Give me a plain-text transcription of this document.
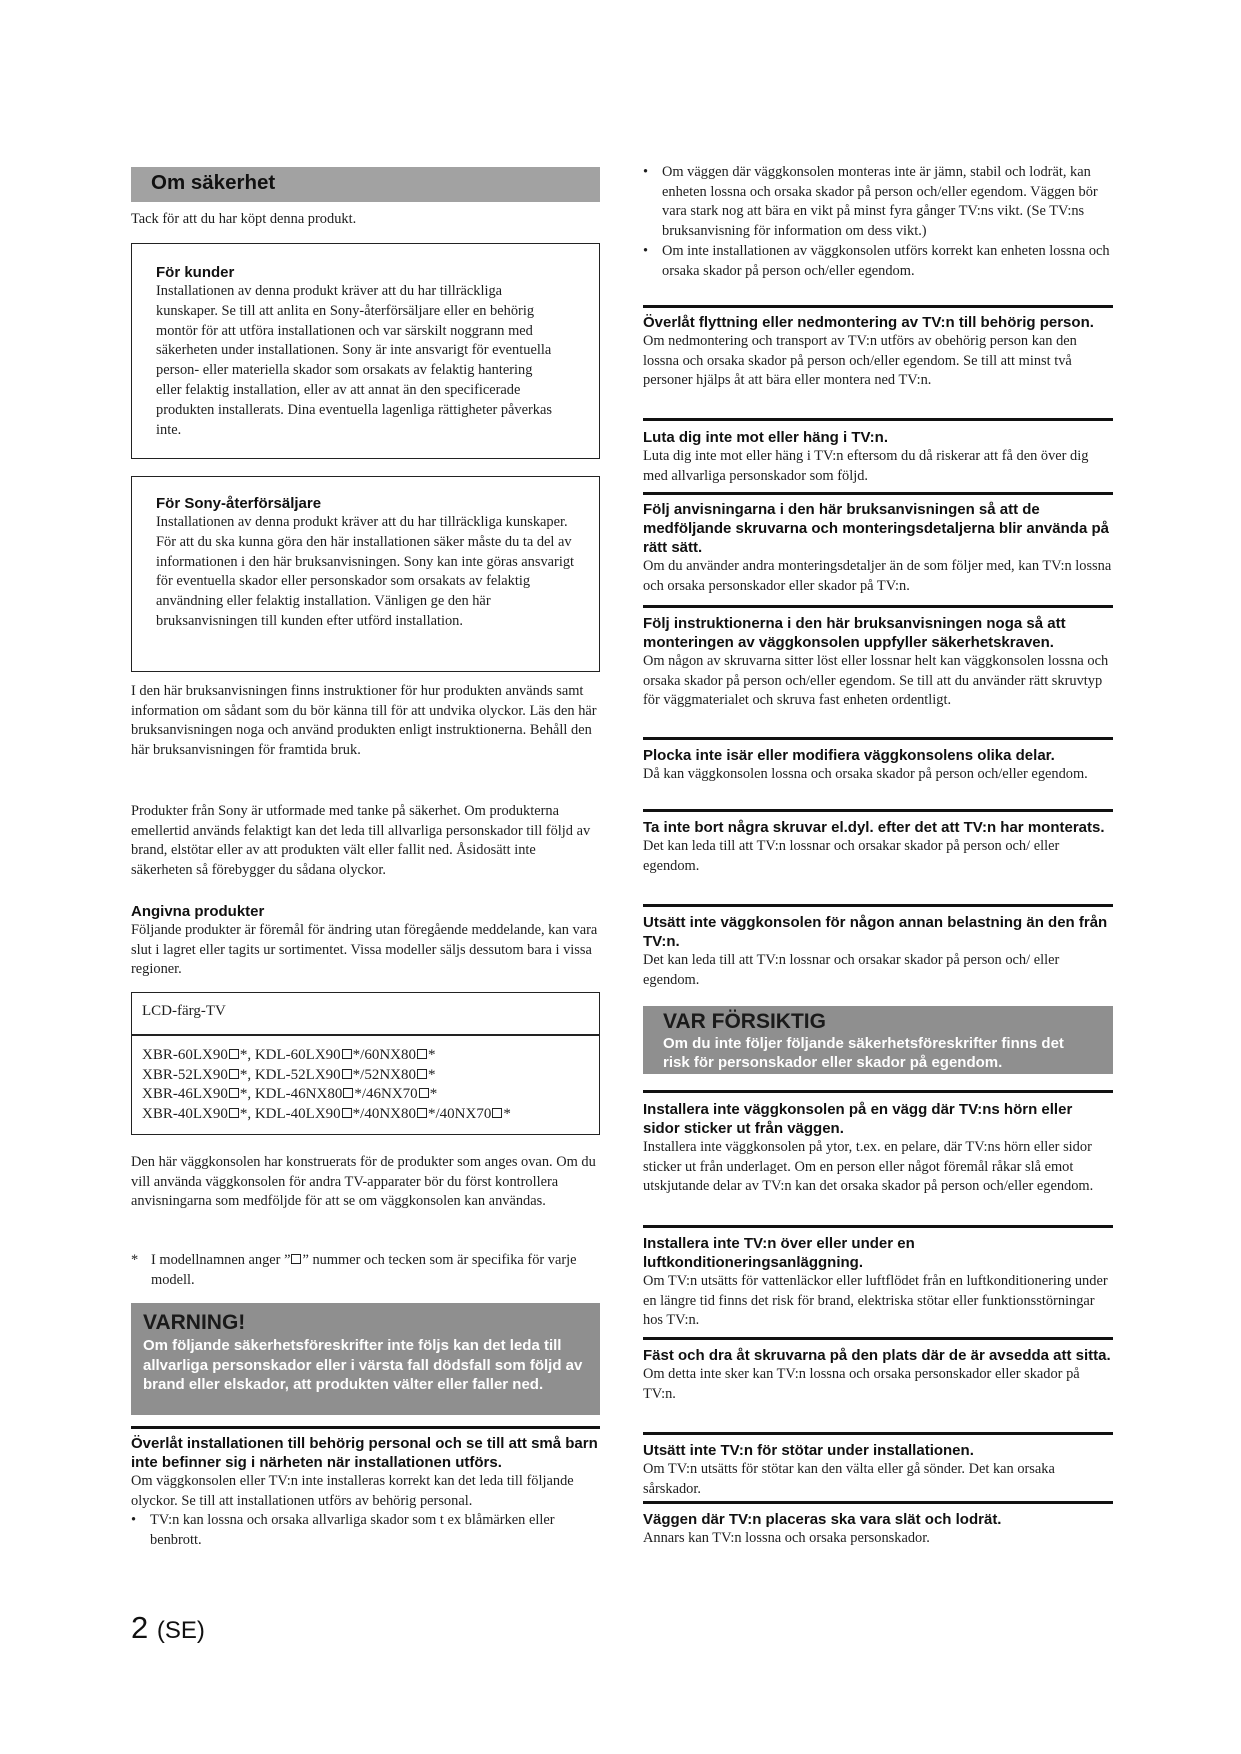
Om säkerhet

Tack för att du har köpt denna produkt.

För kunder

Installationen av denna produkt kräver att du har tillräckliga kunskaper. Se till att anlita en Sony-återförsäljare eller en behörig montör för att utföra installationen och var särskilt noggrann med säkerheten under installationen. Sony är inte ansvarigt för eventuella person- eller materiella skador som orsakats av felaktig hantering eller felaktig installation, eller av att annat än den specificerade produkten installerats. Dina eventuella lagenliga rättigheter påverkas inte.

För Sony-återförsäljare

Installationen av denna produkt kräver att du har tillräckliga kunskaper. För att du ska kunna göra den här installationen säker måste du ta del av informationen i den här bruksanvisningen. Sony kan inte göras ansvarigt för eventuella skador eller personskador som orsakats av felaktig användning eller felaktig installation. Vänligen ge den här bruksanvisningen till kunden efter utförd installation.

I den här bruksanvisningen finns instruktioner för hur produkten används samt information om sådant som du bör känna till för att undvika olyckor. Läs den här bruksanvisningen noga och använd produkten enligt instruktionerna. Behåll den här bruksanvisningen för framtida bruk.

Produkter från Sony är utformade med tanke på säkerhet. Om produkterna emellertid används felaktigt kan det leda till allvarliga personskador till följd av brand, elstötar eller av att produkten vält eller fallit ned. Åsidosätt inte säkerheten så förebygger du sådana olyckor.

Angivna produkter

Följande produkter är föremål för ändring utan föregående meddelande, kan vara slut i lagret eller tagits ur sortimentet. Vissa modeller säljs dessutom bara i vissa regioner.

LCD-färg-TV
XBR-60LX90 *, KDL-60LX90 */60NX80 *
XBR-52LX90 *, KDL-52LX90 */52NX80 *
XBR-46LX90 *, KDL-46NX80 */46NX70 *
XBR-40LX90 *, KDL-40LX90 */40NX80 */40NX70 *

Den här väggkonsolen har konstruerats för de produkter som anges ovan. Om du vill använda väggkonsolen för andra TV-apparater bör du först kontrollera anvisningarna som medföljde för att se om väggkonsolen kan användas.

* I modellnamnen anger ” ” nummer och tecken som är specifika för varje modell.
VARNING!
Om följande säkerhetsföreskrifter inte följs kan det leda till allvarliga personskador eller i värsta fall dödsfall som följd av brand eller elskador, att produkten välter eller faller ned.
Överlåt installationen till behörig personal och se till att små barn inte befinner sig i närheten när installationen utförs.

Om väggkonsolen eller TV:n inte installeras korrekt kan det leda till följande olyckor. Se till att installationen utförs av behörig personal.

• TV:n kan lossna och orsaka allvarliga skador som t ex blåmärken eller benbrott.

2 (SE)

• Om väggen där väggkonsolen monteras inte är jämn, stabil och lodrät, kan enheten lossna och orsaka skador på person och/eller egendom. Väggen bör vara stark nog att bära en vikt på minst fyra gånger TV:ns vikt. (Se TV:ns bruksanvisning för information om dess vikt.)

• Om inte installationen av väggkonsolen utförs korrekt kan enheten lossna och orsaka skador på person och/eller egendom.

Överlåt flyttning eller nedmontering av TV:n till behörig person.

Om nedmontering och transport av TV:n utförs av obehörig person kan den lossna och orsaka skador på person och/eller egendom. Se till att minst två personer hjälps åt att bära eller montera ned TV:n.

Luta dig inte mot eller häng i TV:n.

Luta dig inte mot eller häng i TV:n eftersom du då riskerar att få den över dig med allvarliga personskador som följd.

Följ anvisningarna i den här bruksanvisningen så att de medföljande skruvarna och monteringsdetaljerna blir använda på rätt sätt.

Om du använder andra monteringsdetaljer än de som följer med, kan TV:n lossna och orsaka personskador eller skador på TV:n.

Följ instruktionerna i den här bruksanvisningen noga så att monteringen av väggkonsolen uppfyller säkerhetskraven.

Om någon av skruvarna sitter löst eller lossnar helt kan väggkonsolen lossna och orsaka skador på person och/eller egendom. Se till att du använder rätt skruvtyp för väggmaterialet och skruva fast enheten ordentligt.

Plocka inte isär eller modifiera väggkonsolens olika delar.

Då kan väggkonsolen lossna och orsaka skador på person och/eller egendom.

Ta inte bort några skruvar el.dyl. efter det att TV:n har monterats.

Det kan leda till att TV:n lossnar och orsakar skador på person och/ eller egendom.

Utsätt inte väggkonsolen för någon annan belastning än den från TV:n.

Det kan leda till att TV:n lossnar och orsakar skador på person och/ eller egendom.

VAR FÖRSIKTIG
Om du inte följer följande säkerhetsföreskrifter finns det risk för personskador eller skador på egendom.
Installera inte väggkonsolen på en vägg där TV:ns hörn eller sidor sticker ut från väggen.

Installera inte väggkonsolen på ytor, t.ex. en pelare, där TV:ns hörn eller sidor sticker ut från underlaget. Om en person eller något föremål råkar slå emot utskjutande delar av TV:n kan det orsaka skador på person och/eller egendom.

Installera inte TV:n över eller under en luftkonditioneringsanläggning.

Om TV:n utsätts för vattenläckor eller luftflödet från en luftkonditionering under en längre tid finns det risk för brand, elektriska stötar eller funktionsstörningar hos TV:n.

Fäst och dra åt skruvarna på den plats där de är avsedda att sitta.

Om detta inte sker kan TV:n lossna och orsaka personskador eller skador på TV:n.

Utsätt inte TV:n för stötar under installationen.

Om TV:n utsätts för stötar kan den välta eller gå sönder. Det kan orsaka sårskador.

Väggen där TV:n placeras ska vara slät och lodrät.

Annars kan TV:n lossna och orsaka personskador.
